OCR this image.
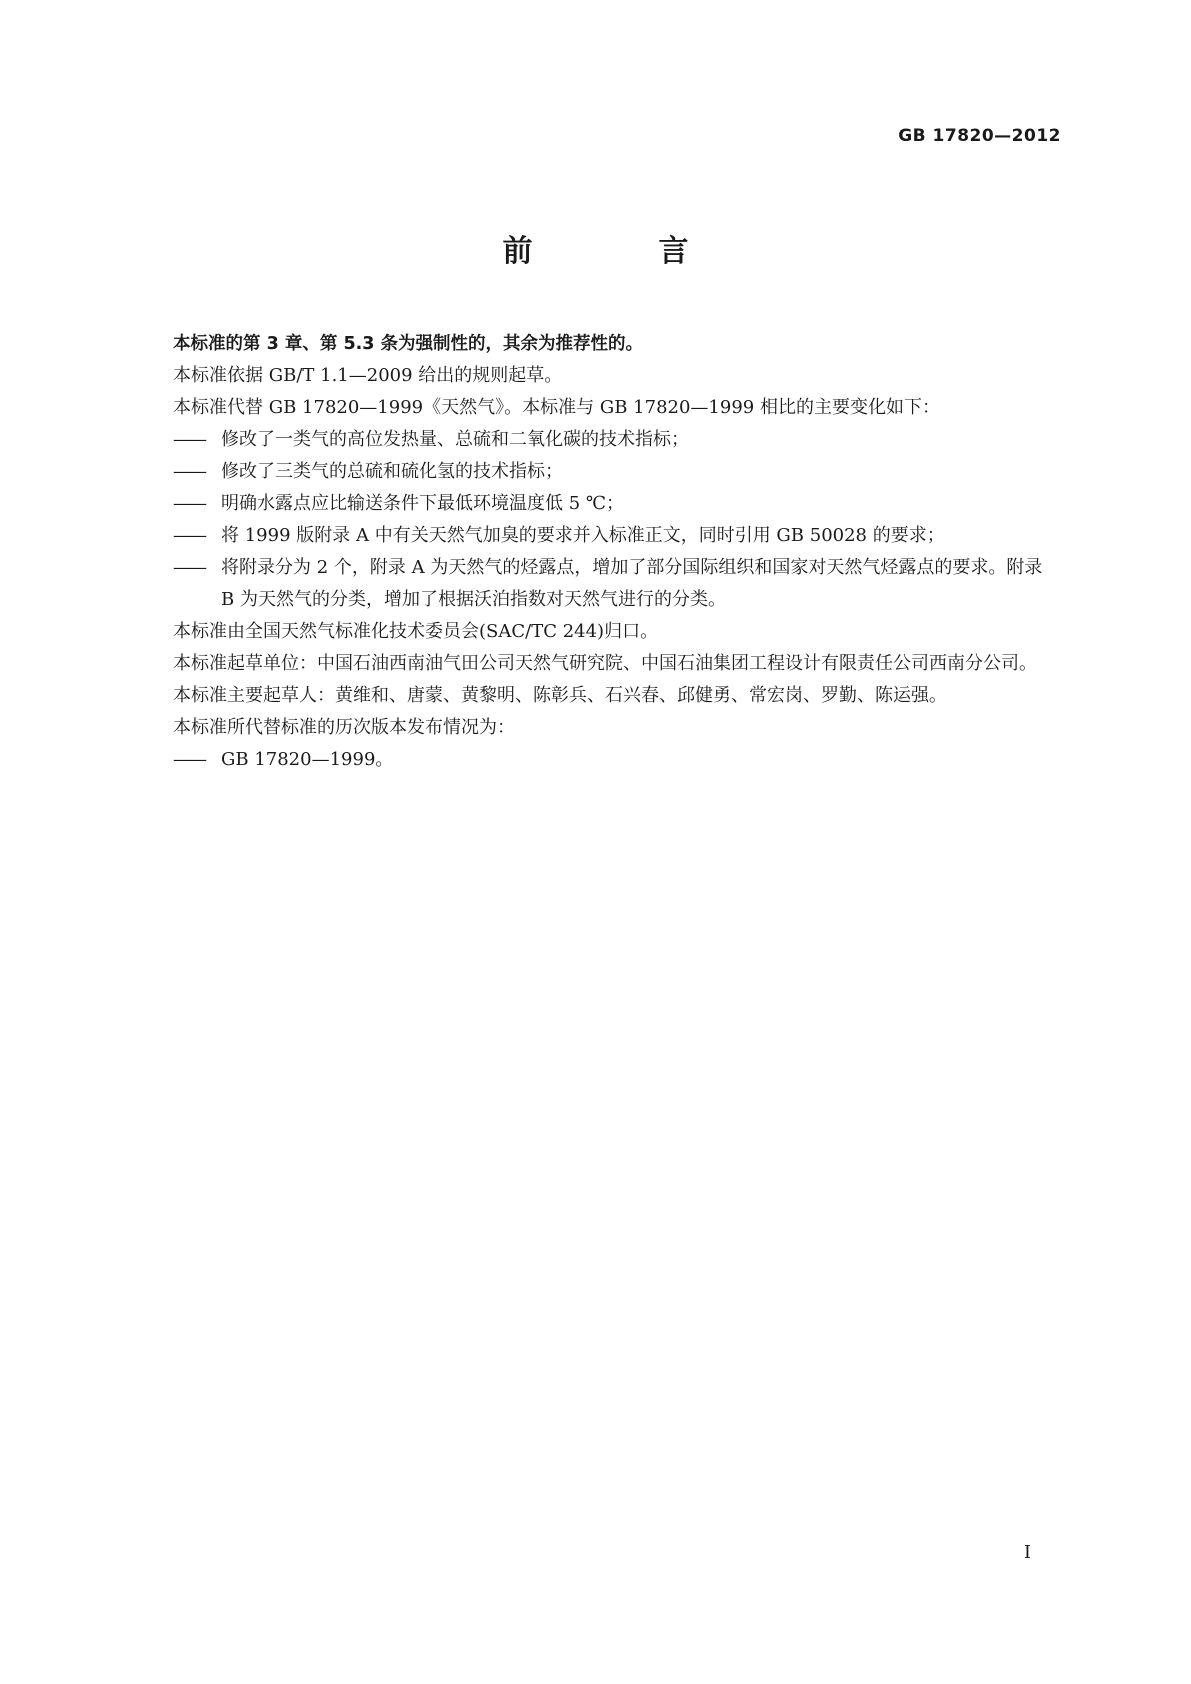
GB 17820—2012
前　言

本标准的第 3 章、第 5.3 条为强制性的，其余为推荐性的。

本标准依据 GB/T 1.1—2009 给出的规则起草。

本标准代替 GB 17820—1999《天然气》。本标准与 GB 17820—1999 相比的主要变化如下：

—— 修改了一类气的高位发热量、总硫和二氧化碳的技术指标；

—— 修改了三类气的总硫和硫化氢的技术指标；

—— 明确水露点应比输送条件下最低环境温度低 5 ℃；

—— 将 1999 版附录 A 中有关天然气加臭的要求并入标准正文，同时引用 GB 50028 的要求；

—— 将附录分为 2 个，附录 A 为天然气的烃露点，增加了部分国际组织和国家对天然气烃露点的要求。附录 B 为天然气的分类，增加了根据沃泊指数对天然气进行的分类。

本标准由全国天然气标准化技术委员会(SAC/TC 244)归口。

本标准起草单位：中国石油西南油气田公司天然气研究院、中国石油集团工程设计有限责任公司西南分公司。

本标准主要起草人：黄维和、唐蒙、黄黎明、陈彰兵、石兴春、邱健勇、常宏岗、罗勤、陈运强。

本标准所代替标准的历次版本发布情况为：

—— GB 17820—1999。

I
